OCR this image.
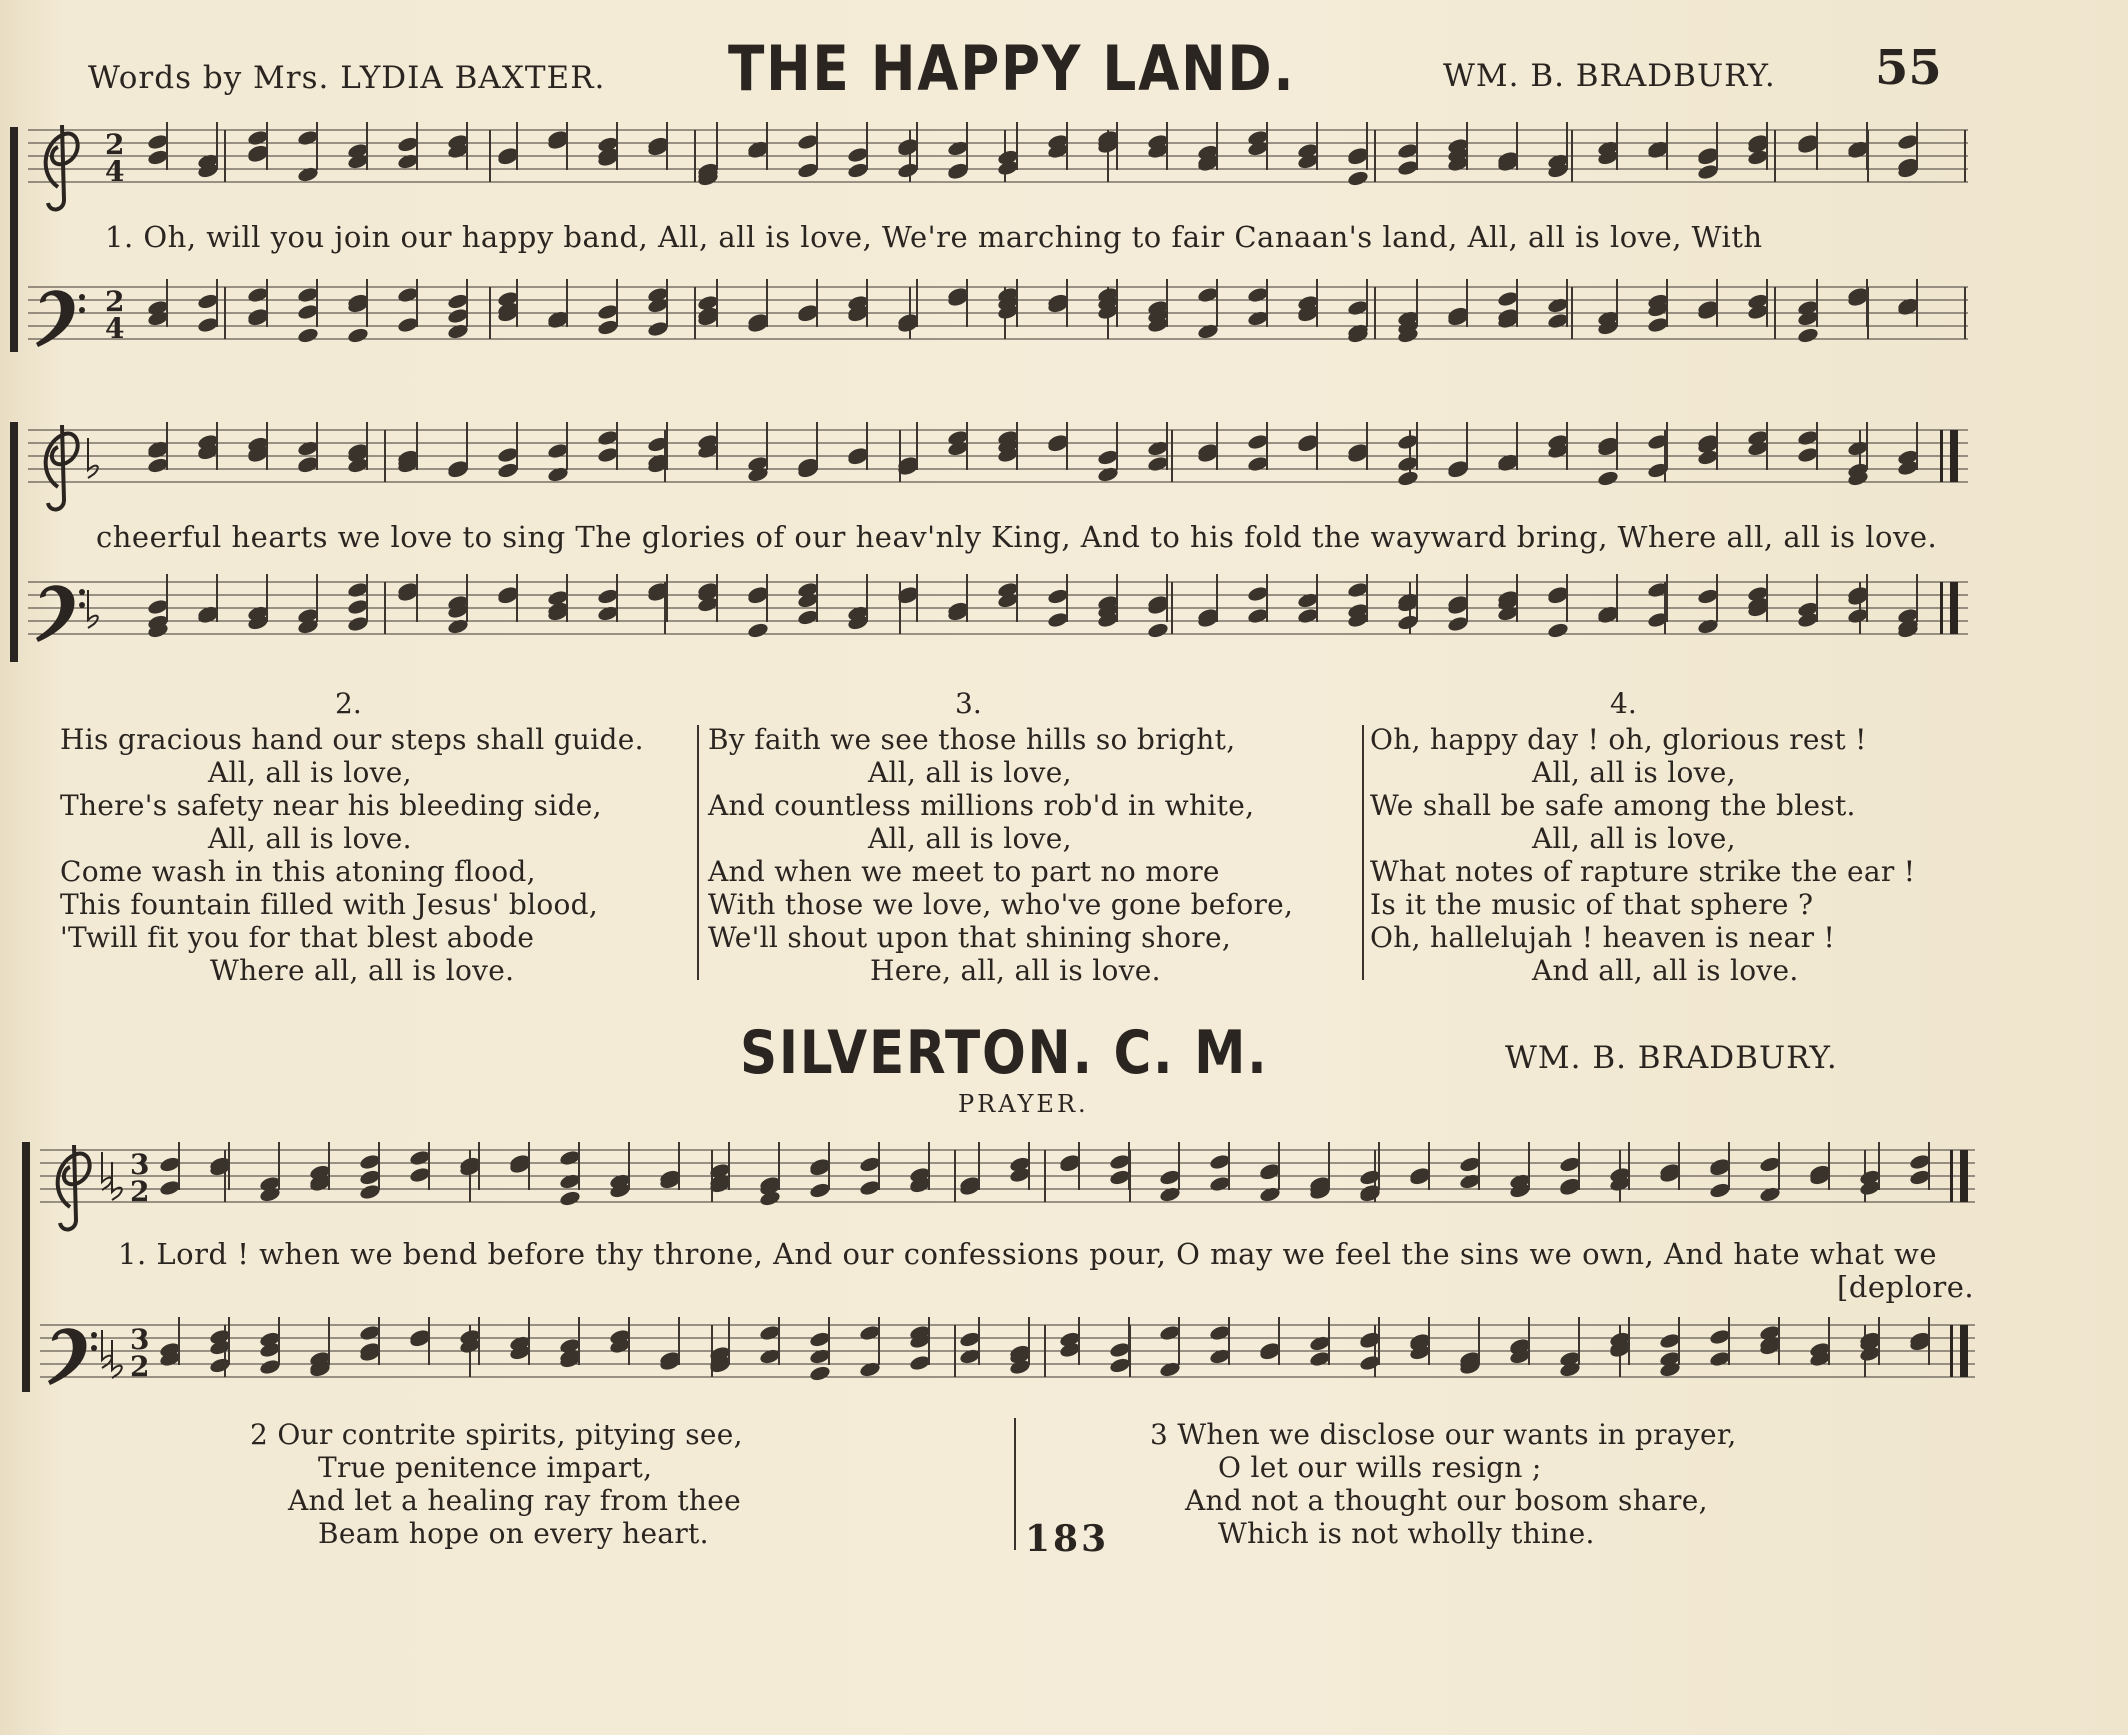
Words by Mrs. LYDIA BAXTER. THE HAPPY LAND.	WM. B. BRADBURY. 55
2
4
2
4
1. Oh, will you join our happy band, All, all is love, We're marching to fair Canaan's land, All, all is love, With
cheerful hearts we love to sing The glories of our heav'nly King, And to his fold the wayward bring, Where all, all is love.
2.	3.	4.
His gracious hand our steps shall guide.
All, all is love,
There's safety near his bleeding side,
All, all is love.
Come wash in this atoning flood,
This fountain filled with Jesus' blood,
'Twill fit you for that blest abode
Where all, all is love.
By faith we see those hills so bright,
All, all is love,
And countless millions rob'd in white,
All, all is love,
And when we meet to part no more
With those we love, who've gone before,
We'll shout upon that shining shore,
Here, all, all is love.
Oh, happy day ! oh, glorious rest !
All, all is love,
We shall be safe among the blest.
All, all is love,
What notes of rapture strike the ear !
Is it the music of that sphere ?
Oh, hallelujah ! heaven is near !
And all, all is love.
SILVERTON. C. M.	WM. B. BRADBURY.
PRAYER.
3
2
3
2
1. Lord ! when we bend before thy throne, And our confessions pour, O may we feel the sins we own, And hate what we
[deplore.
2 Our contrite spirits, pitying see,
True penitence impart,
And let a healing ray from thee
Beam hope on every heart.	183
3 When we disclose our wants in prayer,
O let our wills resign ;
And not a thought our bosom share,
Which is not wholly thine.
